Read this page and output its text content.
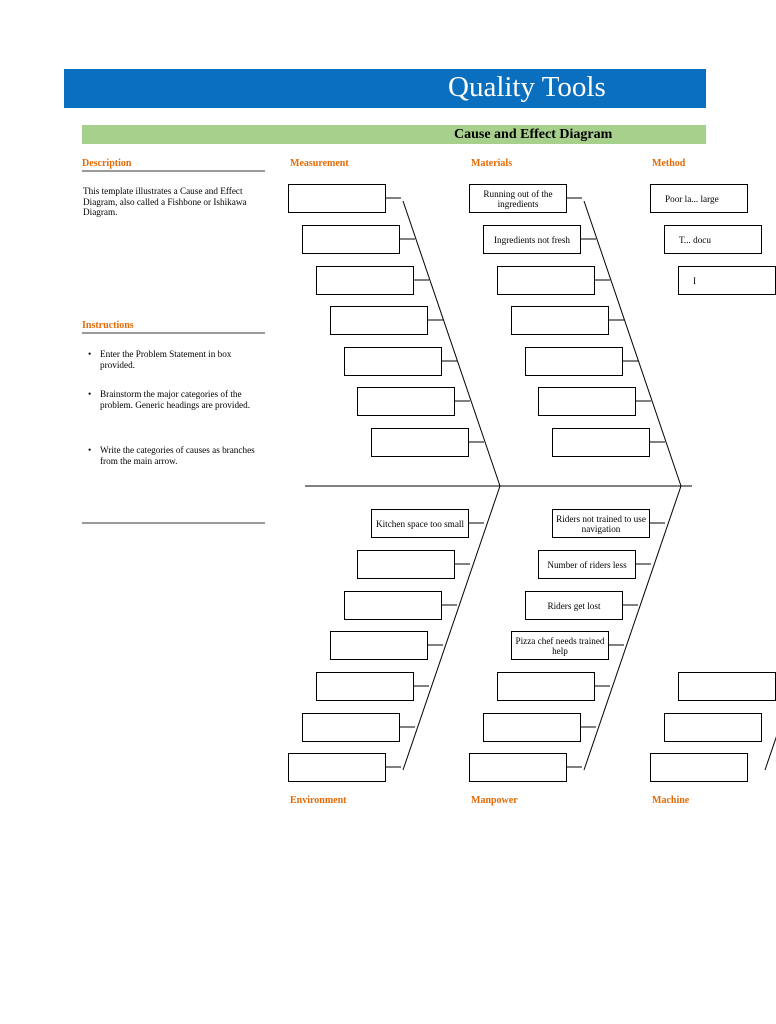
Quality Tools
Cause and Effect Diagram
Description
This template illustrates a Cause and Effect Diagram, also called a Fishbone or Ishikawa Diagram.
Instructions
• Enter the Problem Statement in box provided.
• Brainstorm the major categories of the problem. Generic headings are provided.
• Write the categories of causes as branches from the main arrow.
Measurement	Materials	Method
Environment	Manpower	Machine
Running out of the ingredients
Ingredients not fresh
Poor la... large
T... docu
I
Kitchen space too small	Riders not trained to use navigation
Number of riders less
Riders get lost
Pizza chef needs trained help
